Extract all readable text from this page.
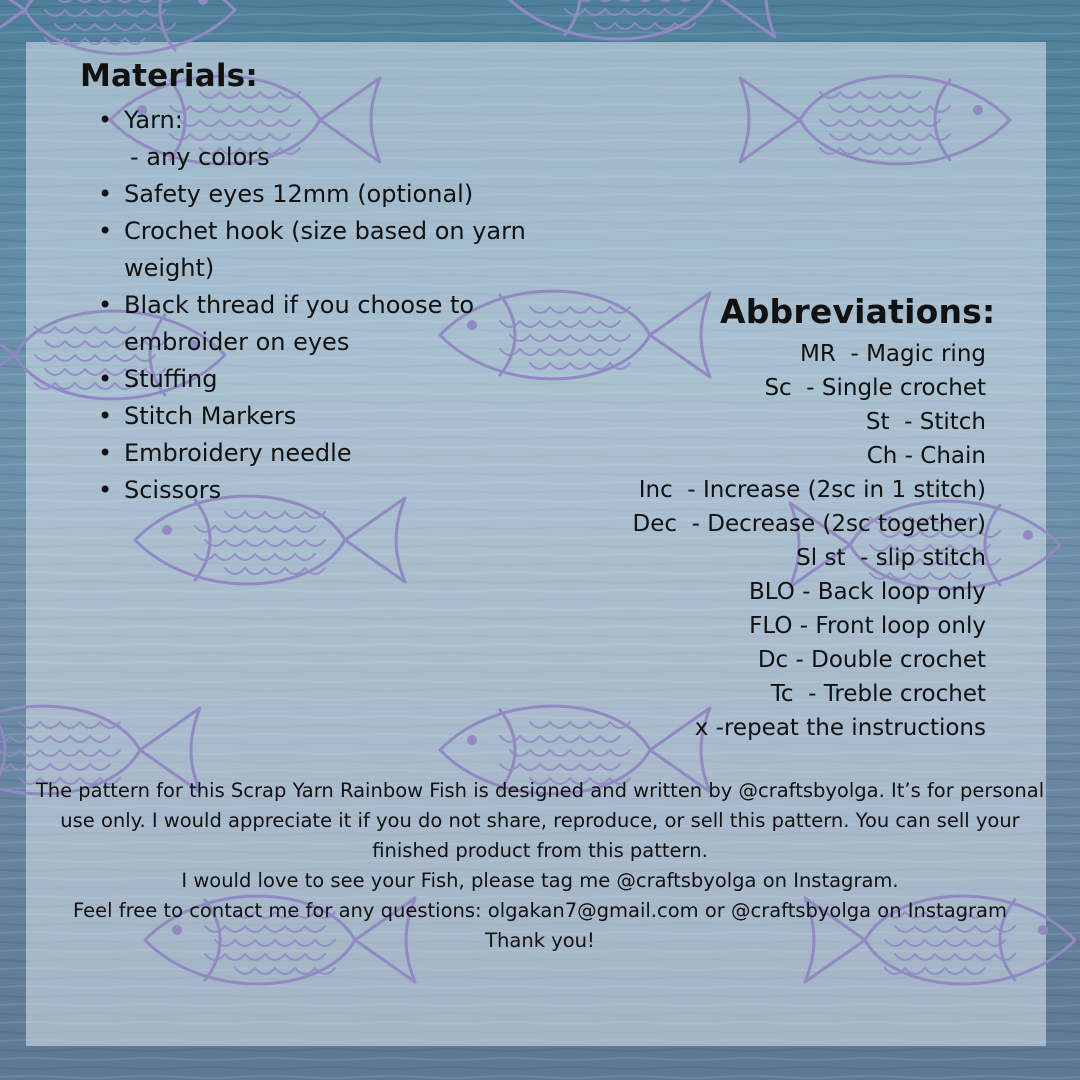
Materials:
• Yarn:
- any colors
• Safety eyes 12mm (optional)
• Crochet hook (size based on yarn weight)
• Black thread if you choose to embroider on eyes
• Stuffing
• Stitch Markers
• Embroidery needle
• Scissors
Abbreviations:
MR  - Magic ring
Sc  - Single crochet
St  - Stitch
Ch - Chain
Inc  - Increase (2sc in 1 stitch)
Dec  - Decrease (2sc together)
Sl st  - slip stitch
BLO - Back loop only
FLO - Front loop only
Dc - Double crochet
Tc  - Treble crochet
x -repeat the instructions

The pattern for this Scrap Yarn Rainbow Fish is designed and written by @craftsbyolga. It’s for personal use only. I would appreciate it if you do not share, reproduce, or sell this pattern. You can sell your finished product from this pattern.

I would love to see your Fish, please tag me @craftsbyolga on Instagram.

Feel free to contact me for any questions: olgakan7@gmail.com or @craftsbyolga on Instagram

Thank you!
